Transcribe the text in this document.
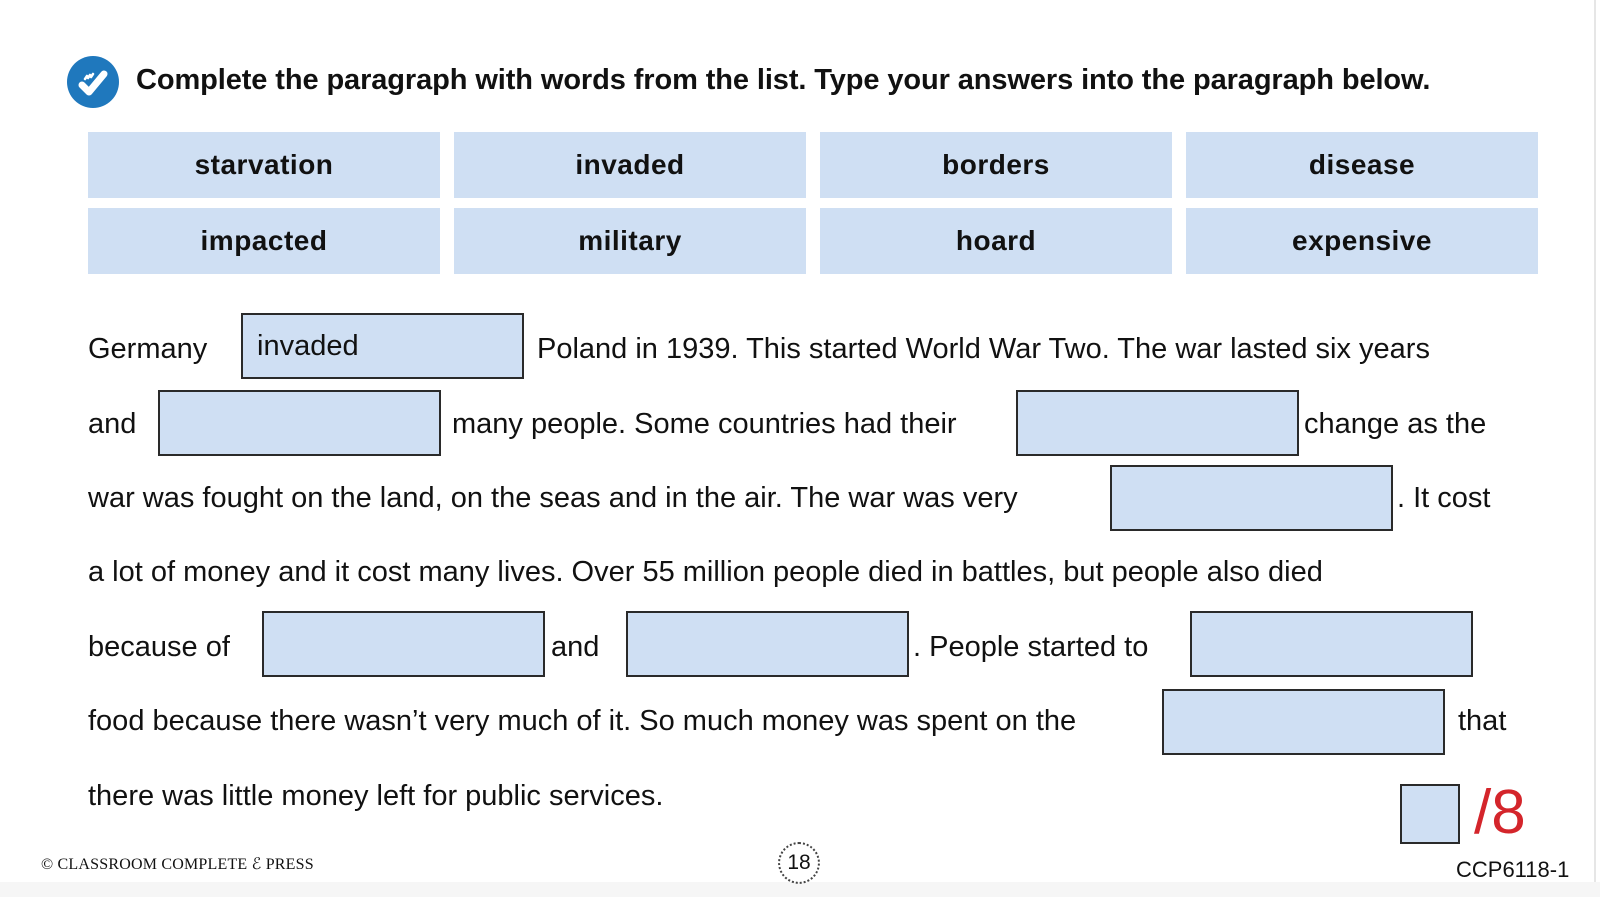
Complete the paragraph with words from the list. Type your answers into the paragraph below.
starvation	invaded	borders	disease
impacted	military	hoard	expensive
Germany
invaded	Poland in 1939. This started World War Two. The war lasted six years
and	many people. Some countries had their	change as the
war was fought on the land, on the seas and in the air. The war was very	. It cost
a lot of money and it cost many lives. Over 55 million people died in battles, but people also died
because of	and	. People started to
food because there wasn’t very much of it. So much money was spent on the	that
there was little money left for public services.	/8
© CLASSROOM COMPLETE ℰ PRESS	18	CCP6118-1
